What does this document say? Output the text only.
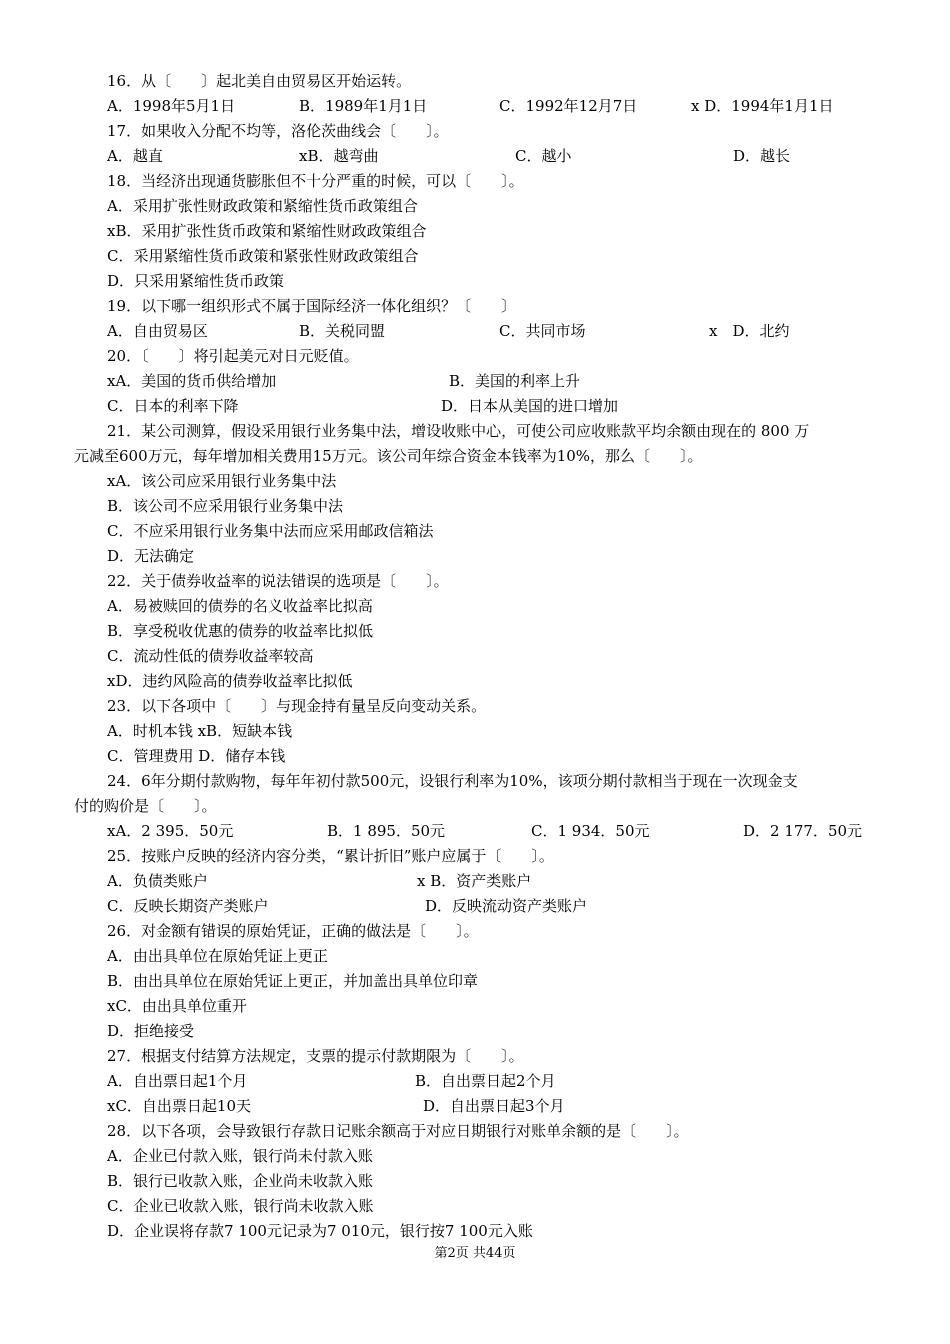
16．从〔　　〕起北美自由贸易区开始运转。
A．1998年5月1日	B．1989年1月1日	C．1992年12月7日	x D．1994年1月1日
17．如果收入分配不均等，洛伦茨曲线会〔　　〕。
A．越直	xB．越弯曲	C．越小	D．越长
18．当经济出现通货膨胀但不十分严重的时候，可以〔　　〕。
A．采用扩张性财政政策和紧缩性货币政策组合
xB．采用扩张性货币政策和紧缩性财政政策组合
C．采用紧缩性货币政策和紧张性财政政策组合
D．只采用紧缩性货币政策
19．以下哪一组织形式不属于国际经济一体化组织？〔　　〕
A．自由贸易区	B．关税同盟	C．共同市场	x　D．北约
20．〔　　〕将引起美元对日元贬值。
xA．美国的货币供给增加	B．美国的利率上升
C．日本的利率下降	D．日本从美国的进口增加
21．某公司测算，假设采用银行业务集中法，增设收账中心，可使公司应收账款平均余额由现在的 800 万
元减至600万元，每年增加相关费用15万元。该公司年综合资金本钱率为10%，那么〔　　〕。
xA．该公司应采用银行业务集中法
B．该公司不应采用银行业务集中法
C．不应采用银行业务集中法而应采用邮政信箱法
D．无法确定
22．关于债券收益率的说法错误的选项是〔　　〕。
A．易被赎回的债券的名义收益率比拟高
B．享受税收优惠的债券的收益率比拟低
C．流动性低的债券收益率较高
xD．违约风险高的债券收益率比拟低
23．以下各项中〔　　〕与现金持有量呈反向变动关系。
A．时机本钱 xB．短缺本钱
C．管理费用 D．储存本钱
24．6年分期付款购物，每年年初付款500元，设银行利率为10%，该项分期付款相当于现在一次现金支
付的购价是〔　　〕。
xA．2 395．50元	B．1 895．50元	C．1 934．50元	D．2 177．50元
25．按账户反映的经济内容分类，“累计折旧”账户应属于〔　　〕。
A．负债类账户	x B．资产类账户
C．反映长期资产类账户	D．反映流动资产类账户
26．对金额有错误的原始凭证，正确的做法是〔　　〕。
A．由出具单位在原始凭证上更正
B．由出具单位在原始凭证上更正，并加盖出具单位印章
xC．由出具单位重开
D．拒绝接受
27．根据支付结算方法规定，支票的提示付款期限为〔　　〕。
A．自出票日起1个月	B．自出票日起2个月
xC．自出票日起10天	D．自出票日起3个月
28．以下各项，会导致银行存款日记账余额高于对应日期银行对账单余额的是〔　　〕。
A．企业已付款入账，银行尚未付款入账
B．银行已收款入账，企业尚未收款入账
C．企业已收款入账，银行尚未收款入账
D．企业误将存款7 100元记录为7 010元，银行按7 100元入账
第2页 共44页
